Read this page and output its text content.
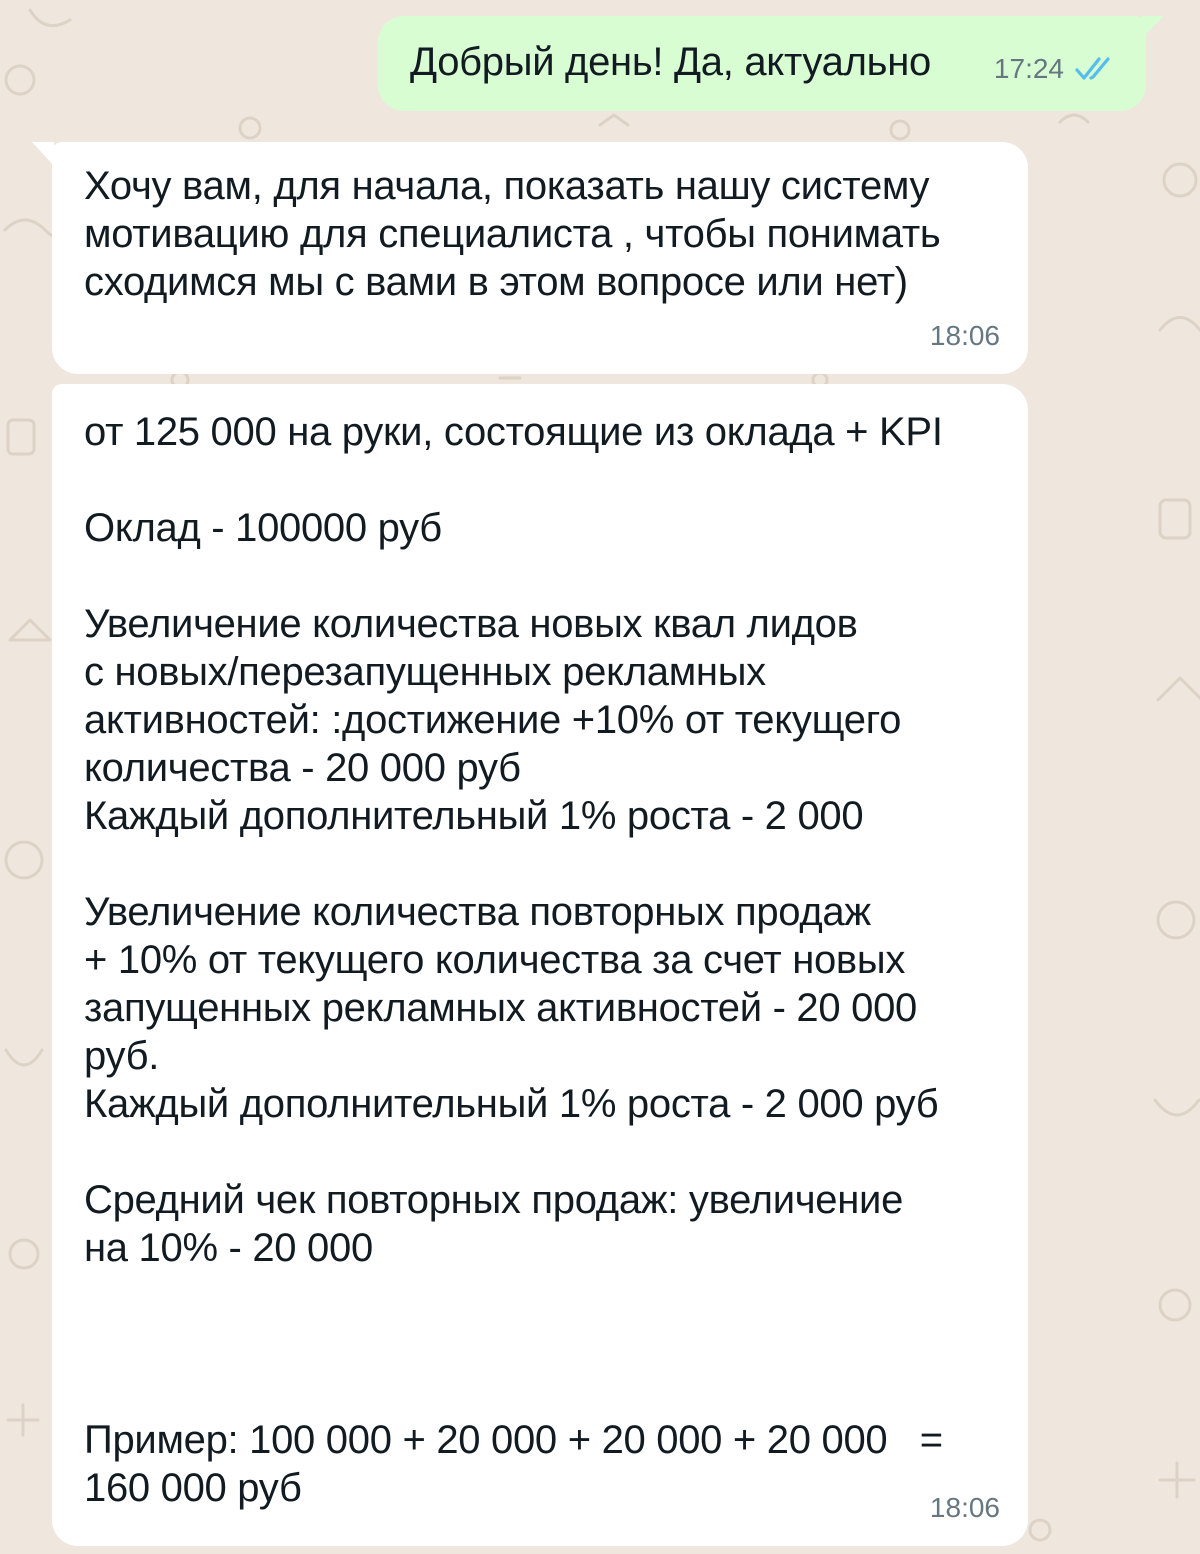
Добрый день! Да, актуально	17:24

Хочу вам, для начала, показать нашу систему
мотивацию для специалиста , чтобы понимать
сходимся мы с вами в этом вопросе или нет)

18:06

от 125 000 на руки, состоящие из оклада + KPI

Оклад - 100000 руб

Увеличение количества новых квал лидов
с новых/перезапущенных рекламных
активностей: :достижение +10% от текущего
количества - 20 000 руб
Каждый дополнительный 1% роста - 2 000

Увеличение количества повторных продаж
+ 10% от текущего количества за счет новых
запущенных рекламных активностей - 20 000
руб.
Каждый дополнительный 1% роста - 2 000 руб

Средний чек повторных продаж: увеличение
на 10% - 20 000

Пример: 100 000 + 20 000 + 20 000 + 20 000   =
160 000 руб	18:06
